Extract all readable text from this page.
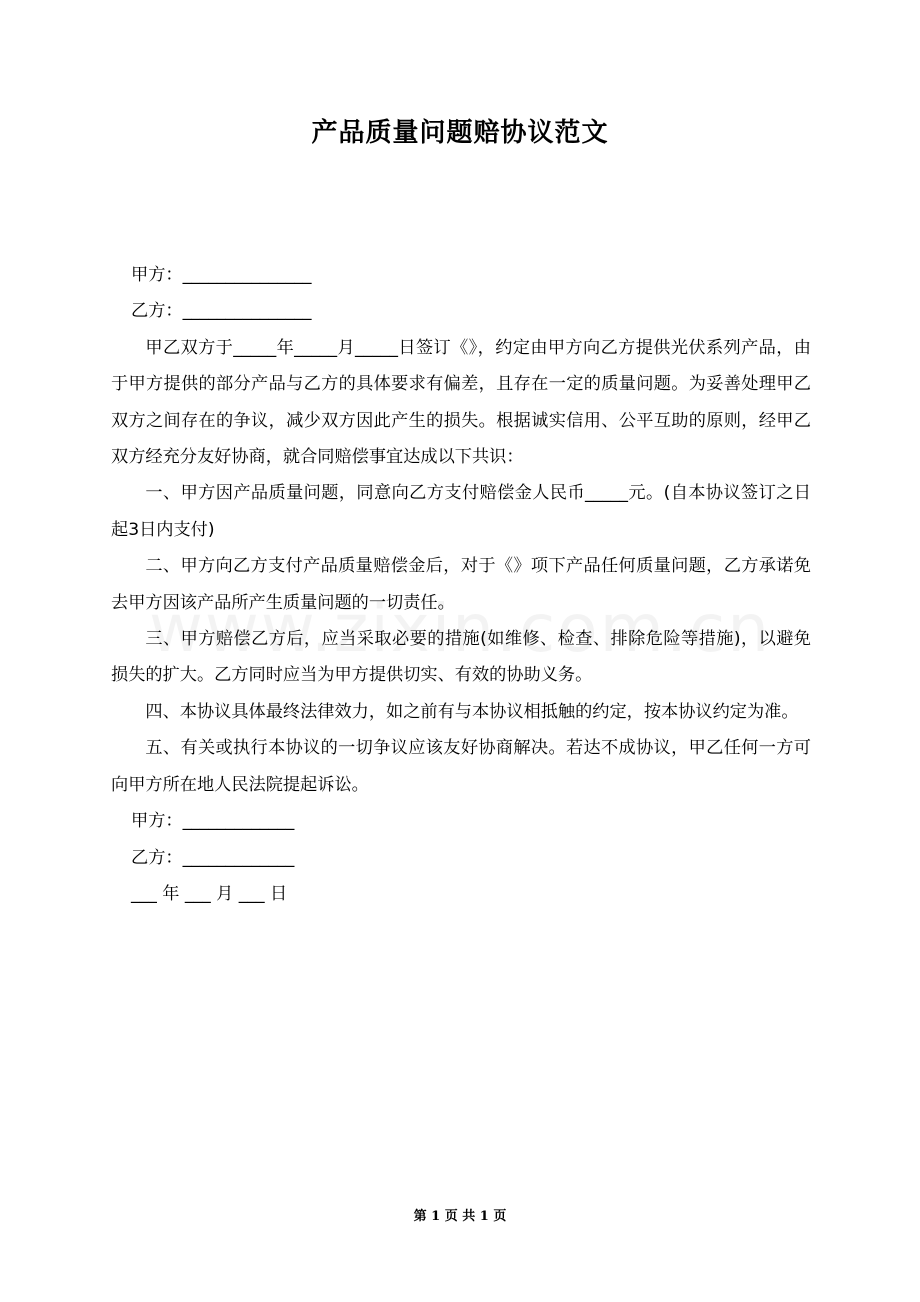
产品质量问题赔协议范文

甲方：_______________

乙方：_______________

甲乙双方于_____年_____月_____日签订《》，约定由甲方向乙方提供光伏系列产品，由于甲方提供的部分产品与乙方的具体要求有偏差，且存在一定的质量问题。为妥善处理甲乙双方之间存在的争议，减少双方因此产生的损失。根据诚实信用、公平互助的原则，经甲乙双方经充分友好协商，就合同赔偿事宜达成以下共识：

一、甲方因产品质量问题，同意向乙方支付赔偿金人民币_____元。(自本协议签订之日起3日内支付)

二、甲方向乙方支付产品质量赔偿金后，对于《》项下产品任何质量问题，乙方承诺免去甲方因该产品所产生质量问题的一切责任。

三、甲方赔偿乙方后，应当采取必要的措施(如维修、检查、排除危险等措施)，以避免损失的扩大。乙方同时应当为甲方提供切实、有效的协助义务。

四、本协议具体最终法律效力，如之前有与本协议相抵触的约定，按本协议约定为准。

五、有关或执行本协议的一切争议应该友好协商解决。若达不成协议，甲乙任何一方可向甲方所在地人民法院提起诉讼。

甲方：_____________

乙方：_____________

___ 年 ___ 月 ___ 日

第 1 页 共 1 页
